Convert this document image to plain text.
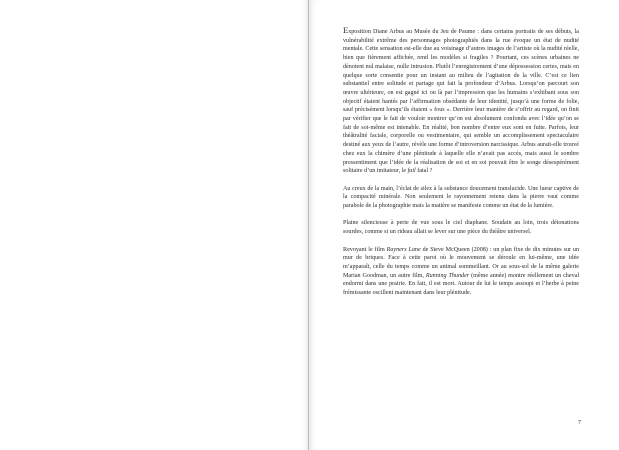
Exposition Diane Arbus au Musée du Jeu de Paume : dans certains portraits de ses débuts, la vulnérabilité extrême des personnages photographiés dans la rue évoque un état de nudité mentale. Cette sensation est-elle due au voisinage d’autres images de l’artiste où la nudité réelle, bien que fièrement affichée, rend les modèles si fragiles ? Pourtant, ces scènes urbaines ne dénotent nul malaise, nulle intrusion. Plutôt l’enregistrement d’une dépossession certes, mais en quelque sorte consentie pour un instant au milieu de l’agitation de la ville. C’est ce lien substantiel entre solitude et partage qui fait la profondeur d’Arbus. Lorsqu’on parcourt son œuvre ultérieure, on est gagné ici ou là par l’impression que les humains s’exhibant sous son objectif étaient hantés par l’affirmation obsédante de leur identité, jusqu’à une forme de folie, sauf précisément lorsqu’ils étaient « fous ». Derrière leur manière de s’offrir au regard, on finit par vérifier que le fait de vouloir montrer qu’on est absolument confondu avec l’idée qu’on se fait de soi-même est intenable. En réalité, bon nombre d’entre eux sont en fuite. Parfois, leur théâtralité faciale, corporelle ou vestimentaire, qui semble un accomplissement spectaculaire destiné aux yeux de l’autre, révèle une forme d’introversion narcissique. Arbus aurait-elle trouvé chez eux la chimère d’une plénitude à laquelle elle n’avait pas accès, mais aussi le sombre pressentiment que l’idée de la réalisation de soi et en soi pouvait être le songe désespérément solitaire d’un imitateur, le fail fatal ?

Au creux de la main, l’éclat de silex à la substance doucement translucide. Une lueur captive de la compacité minérale. Non seulement le rayonnement retenu dans la pierre vaut comme parabole de la photographie mais la matière se manifeste comme un état de la lumière.

Plaine silencieuse à perte de vue sous le ciel diaphane. Soudain au loin, trois détonations sourdes, comme si un rideau allait se lever sur une pièce du théâtre universel.

Revoyant le film Rayners Lane de Steve McQueen (2008) : un plan fixe de dix minutes sur un mur de briques. Face à cette paroi où le mouvement se déroule en lui-même, une idée m’apparaît, celle du temps comme un animal sommeillant. Or au sous-sol de la même galerie Marian Goodman, un autre film, Running Thunder (même année) montre réellement un cheval endormi dans une prairie. En fait, il est mort. Autour de lui le temps assoupi et l’herbe à peine frémissante oscillent maintenant dans leur plénitude.

7
